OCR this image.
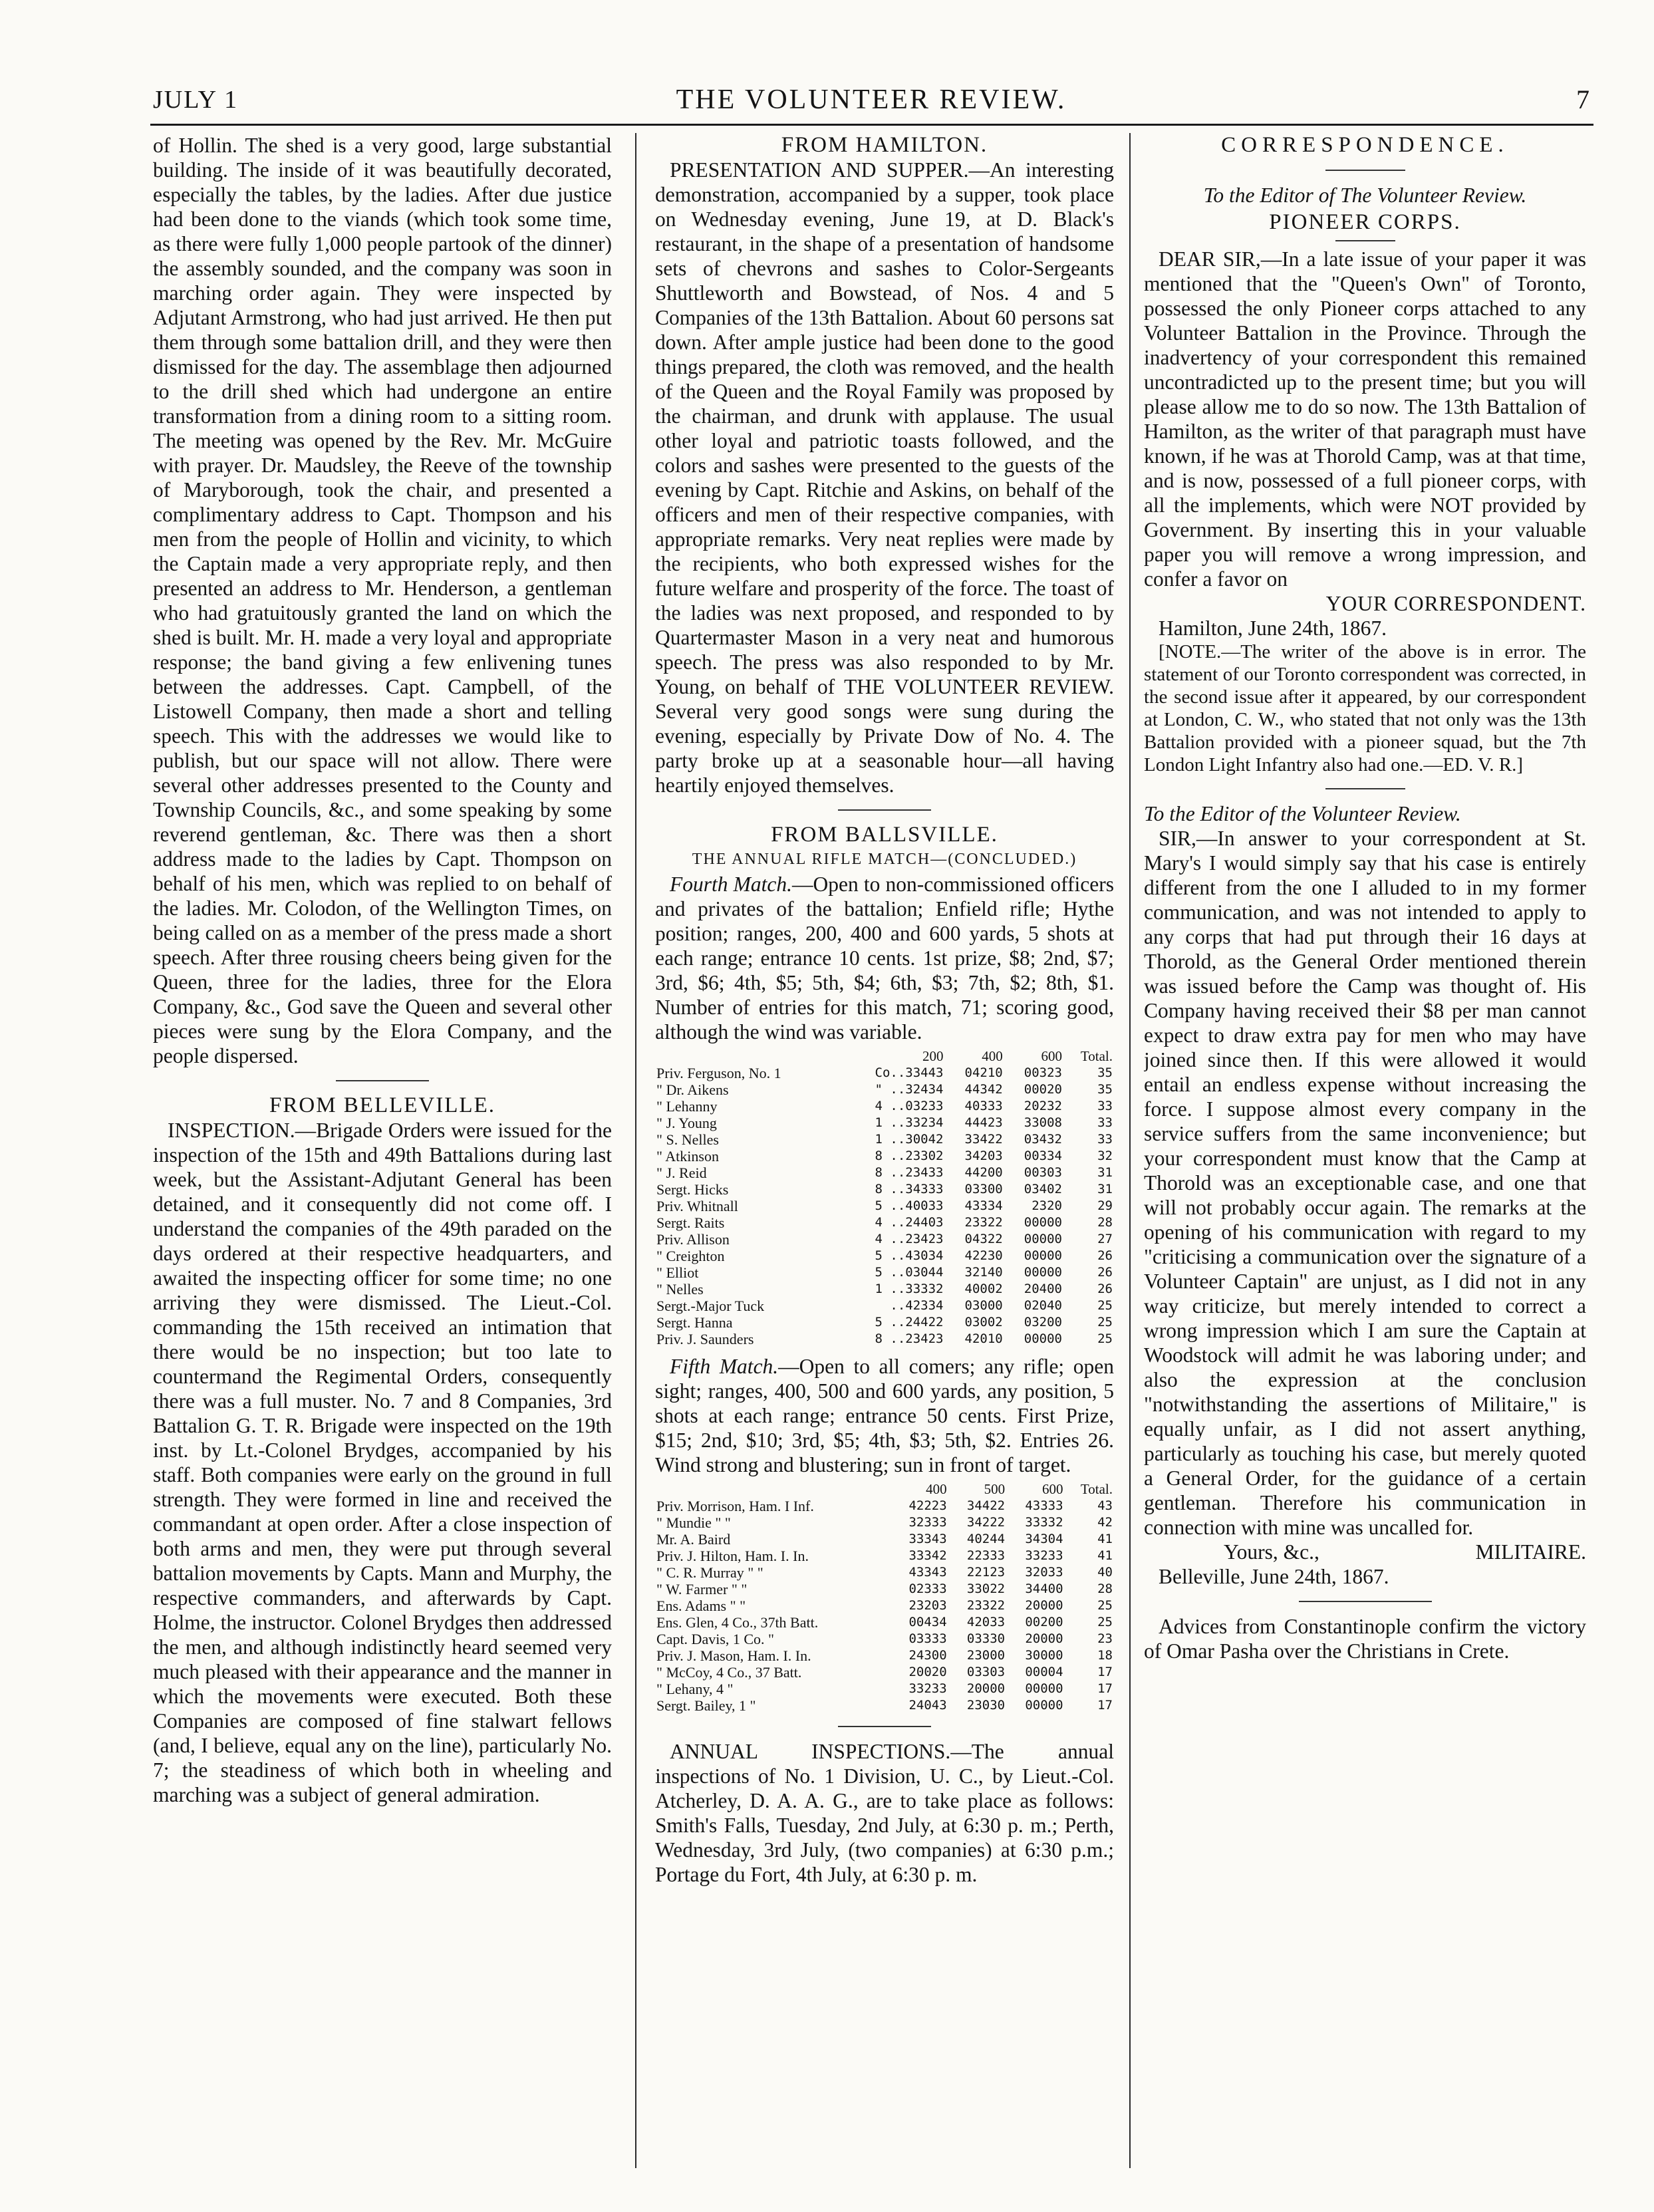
JULY 1	THE VOLUNTEER REVIEW.	7

of Hollin. The shed is a very good, large substantial building. The inside of it was beautifully decorated, especially the tables, by the ladies. After due justice had been done to the viands (which took some time, as there were fully 1,000 people partook of the dinner) the assembly sounded, and the company was soon in marching order again. They were inspected by Adjutant Armstrong, who had just arrived. He then put them through some battalion drill, and they were then dismissed for the day. The assemblage then adjourned to the drill shed which had undergone an entire transformation from a dining room to a sitting room. The meeting was opened by the Rev. Mr. McGuire with prayer. Dr. Maudsley, the Reeve of the township of Maryborough, took the chair, and presented a complimentary address to Capt. Thompson and his men from the people of Hollin and vicinity, to which the Captain made a very appropriate reply, and then presented an address to Mr. Henderson, a gentleman who had gratuitously granted the land on which the shed is built. Mr. H. made a very loyal and appropriate response; the band giving a few enlivening tunes between the addresses. Capt. Campbell, of the Listowell Company, then made a short and telling speech. This with the addresses we would like to publish, but our space will not allow. There were several other addresses presented to the County and Township Councils, &c., and some speaking by some reverend gentleman, &c. There was then a short address made to the ladies by Capt. Thompson on behalf of his men, which was replied to on behalf of the ladies. Mr. Colodon, of the Wellington Times, on being called on as a member of the press made a short speech. After three rousing cheers being given for the Queen, three for the ladies, three for the Elora Company, &c., God save the Queen and several other pieces were sung by the Elora Company, and the people dispersed.

FROM BELLEVILLE.

INSPECTION.—Brigade Orders were issued for the inspection of the 15th and 49th Battalions during last week, but the Assistant-Adjutant General has been detained, and it consequently did not come off. I understand the companies of the 49th paraded on the days ordered at their respective headquarters, and awaited the inspecting officer for some time; no one arriving they were dismissed. The Lieut.-Col. commanding the 15th received an intimation that there would be no inspection; but too late to countermand the Regimental Orders, consequently there was a full muster. No. 7 and 8 Companies, 3rd Battalion G. T. R. Brigade were inspected on the 19th inst. by Lt.-Colonel Brydges, accompanied by his staff. Both companies were early on the ground in full strength. They were formed in line and received the commandant at open order. After a close inspection of both arms and men, they were put through several battalion movements by Capts. Mann and Murphy, the respective commanders, and afterwards by Capt. Holme, the instructor. Colonel Brydges then addressed the men, and although indistinctly heard seemed very much pleased with their appearance and the manner in which the movements were executed. Both these Companies are composed of fine stalwart fellows (and, I believe, equal any on the line), particularly No. 7; the steadiness of which both in wheeling and marching was a subject of general admiration.

FROM HAMILTON.

PRESENTATION AND SUPPER.—An interesting demonstration, accompanied by a supper, took place on Wednesday evening, June 19, at D. Black's restaurant, in the shape of a presentation of handsome sets of chevrons and sashes to Color-Sergeants Shuttleworth and Bowstead, of Nos. 4 and 5 Companies of the 13th Battalion. About 60 persons sat down. After ample justice had been done to the good things prepared, the cloth was removed, and the health of the Queen and the Royal Family was proposed by the chairman, and drunk with applause. The usual other loyal and patriotic toasts followed, and the colors and sashes were presented to the guests of the evening by Capt. Ritchie and Askins, on behalf of the officers and men of their respective companies, with appropriate remarks. Very neat replies were made by the recipients, who both expressed wishes for the future welfare and prosperity of the force. The toast of the ladies was next proposed, and responded to by Quartermaster Mason in a very neat and humorous speech. The press was also responded to by Mr. Young, on behalf of THE VOLUNTEER REVIEW. Several very good songs were sung during the evening, especially by Private Dow of No. 4. The party broke up at a seasonable hour—all having heartily enjoyed themselves.

FROM BALLSVILLE.

THE ANNUAL RIFLE MATCH—(CONCLUDED.)

Fourth Match.—Open to non-commissioned officers and privates of the battalion; Enfield rifle; Hythe position; ranges, 200, 400 and 600 yards, 5 shots at each range; entrance 10 cents. 1st prize, $8; 2nd, $7; 3rd, $6; 4th, $5; 5th, $4; 6th, $3; 7th, $2; 8th, $1. Number of entries for this match, 71; scoring good, although the wind was variable.

	200	400	600	Total.
Priv. Ferguson, No. 1	Co..33443	04210	00323	35
" Dr. Aikens	" ..32434	44342	00020	35
" Lehanny	4 ..03233	40333	20232	33
" J. Young	1 ..33234	44423	33008	33
" S. Nelles	1 ..30042	33422	03432	33
" Atkinson	8 ..23302	34203	00334	32
" J. Reid	8 ..23433	44200	00303	31
Sergt. Hicks	8 ..34333	03300	03402	31
Priv. Whitnall	5 ..40033	43334	2320	29
Sergt. Raits	4 ..24403	23322	00000	28
Priv. Allison	4 ..23423	04322	00000	27
" Creighton	5 ..43034	42230	00000	26
" Elliot	5 ..03044	32140	00000	26
" Nelles	1 ..33332	40002	20400	26
Sergt.-Major Tuck	..42334	03000	02040	25
Sergt. Hanna	5 ..24422	03002	03200	25
Priv. J. Saunders	8 ..23423	42010	00000	25

Fifth Match.—Open to all comers; any rifle; open sight; ranges, 400, 500 and 600 yards, any position, 5 shots at each range; entrance 50 cents. First Prize, $15; 2nd, $10; 3rd, $5; 4th, $3; 5th, $2. Entries 26. Wind strong and blustering; sun in front of target.

	400	500	600	Total.
Priv. Morrison, Ham. I Inf.	42223	34422	43333	43
" Mundie " "	32333	34222	33332	42
Mr. A. Baird	33343	40244	34304	41
Priv. J. Hilton, Ham. I. In.	33342	22333	33233	41
" C. R. Murray " "	43343	22123	32033	40
" W. Farmer " "	02333	33022	34400	28
Ens. Adams " "	23203	23322	20000	25
Ens. Glen, 4 Co., 37th Batt.	00434	42033	00200	25
Capt. Davis, 1 Co. "	03333	03330	20000	23
Priv. J. Mason, Ham. I. In.	24300	23000	30000	18
" McCoy, 4 Co., 37 Batt.	20020	03303	00004	17
" Lehany, 4 "	33233	20000	00000	17
Sergt. Bailey, 1 "	24043	23030	00000	17

ANNUAL INSPECTIONS.—The annual inspections of No. 1 Division, U. C., by Lieut.-Col. Atcherley, D. A. A. G., are to take place as follows: Smith's Falls, Tuesday, 2nd July, at 6:30 p. m.; Perth, Wednesday, 3rd July, (two companies) at 6:30 p.m.; Portage du Fort, 4th July, at 6:30 p. m.

CORRESPONDENCE.

To the Editor of The Volunteer Review.

PIONEER CORPS.

DEAR SIR,—In a late issue of your paper it was mentioned that the "Queen's Own" of Toronto, possessed the only Pioneer corps attached to any Volunteer Battalion in the Province. Through the inadvertency of your correspondent this remained uncontradicted up to the present time; but you will please allow me to do so now. The 13th Battalion of Hamilton, as the writer of that paragraph must have known, if he was at Thorold Camp, was at that time, and is now, possessed of a full pioneer corps, with all the implements, which were NOT provided by Government. By inserting this in your valuable paper you will remove a wrong impression, and confer a favor on

YOUR CORRESPONDENT.

Hamilton, June 24th, 1867.

[NOTE.—The writer of the above is in error. The statement of our Toronto correspondent was corrected, in the second issue after it appeared, by our correspondent at London, C. W., who stated that not only was the 13th Battalion provided with a pioneer squad, but the 7th London Light Infantry also had one.—ED. V. R.]

To the Editor of the Volunteer Review.

SIR,—In answer to your correspondent at St. Mary's I would simply say that his case is entirely different from the one I alluded to in my former communication, and was not intended to apply to any corps that had put through their 16 days at Thorold, as the General Order mentioned therein was issued before the Camp was thought of. His Company having received their $8 per man cannot expect to draw extra pay for men who may have joined since then. If this were allowed it would entail an endless expense without increasing the force. I suppose almost every company in the service suffers from the same inconvenience; but your correspondent must know that the Camp at Thorold was an exceptionable case, and one that will not probably occur again. The remarks at the opening of his communication with regard to my "criticising a communication over the signature of a Volunteer Captain" are unjust, as I did not in any way criticize, but merely intended to correct a wrong impression which I am sure the Captain at Woodstock will admit he was laboring under; and also the expression at the conclusion "notwithstanding the assertions of Militaire," is equally unfair, as I did not assert anything, particularly as touching his case, but merely quoted a General Order, for the guidance of a certain gentleman. Therefore his communication in connection with mine was uncalled for.

Yours, &c.,	MILITAIRE.

Belleville, June 24th, 1867.

Advices from Constantinople confirm the victory of Omar Pasha over the Christians in Crete.
